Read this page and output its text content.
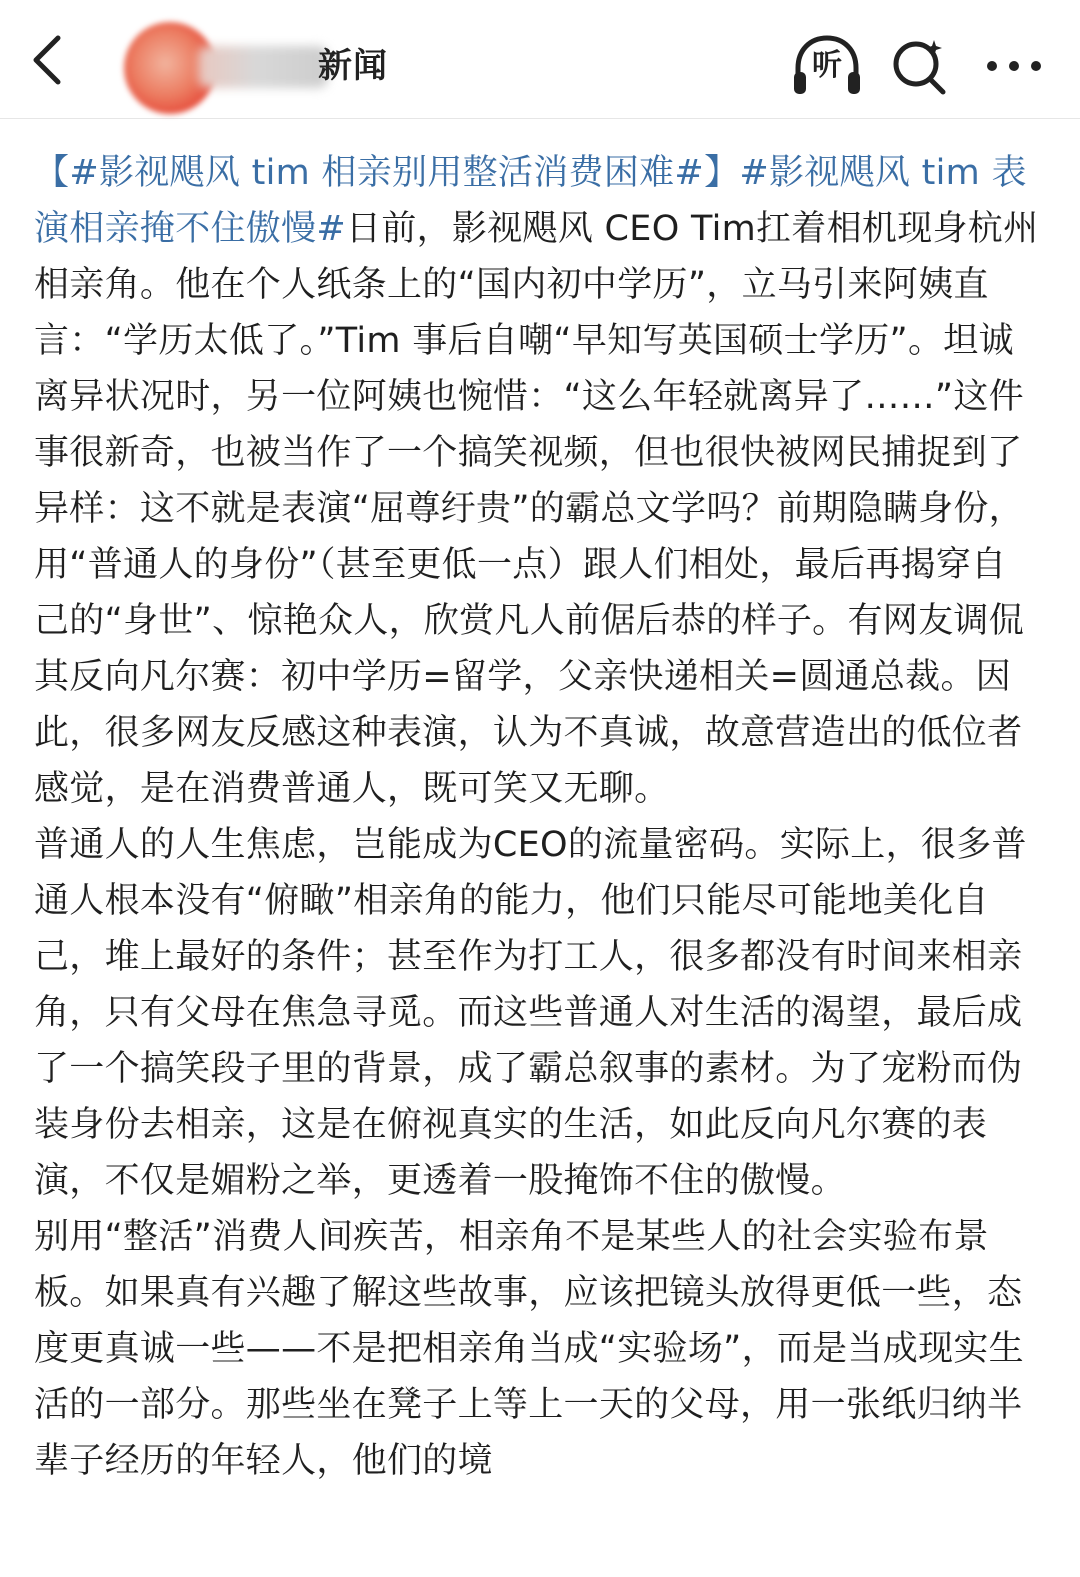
新闻	听

【#影视飓风 tim 相亲别用整活消费困难#】#影视飓风 tim 表演相亲掩不住傲慢#日前，影视飓风 CEO Tim扛着相机现身杭州相亲角。他在个人纸条上的“国内初中学历”，立马引来阿姨直言：“学历太低了。”Tim 事后自嘲“早知写英国硕士学历”。坦诚离异状况时，另一位阿姨也惋惜：“这么年轻就离异了……”这件事很新奇，也被当作了一个搞笑视频，但也很快被网民捕捉到了异样：这不就是表演“屈尊纡贵”的霸总文学吗？前期隐瞒身份，用“普通人的身份”（甚至更低一点）跟人们相处，最后再揭穿自己的“身世”、惊艳众人，欣赏凡人前倨后恭的样子。有网友调侃其反向凡尔赛：初中学历=留学，父亲快递相关=圆通总裁。因此，很多网友反感这种表演，认为不真诚，故意营造出的低位者感觉，是在消费普通人，既可笑又无聊。

普通人的人生焦虑，岂能成为CEO的流量密码。实际上，很多普通人根本没有“俯瞰”相亲角的能力，他们只能尽可能地美化自己，堆上最好的条件；甚至作为打工人，很多都没有时间来相亲角，只有父母在焦急寻觅。而这些普通人对生活的渴望，最后成了一个搞笑段子里的背景，成了霸总叙事的素材。为了宠粉而伪装身份去相亲，这是在俯视真实的生活，如此反向凡尔赛的表演，不仅是媚粉之举，更透着一股掩饰不住的傲慢。

别用“整活”消费人间疾苦，相亲角不是某些人的社会实验布景板。如果真有兴趣了解这些故事，应该把镜头放得更低一些，态度更真诚一些——不是把相亲角当成“实验场”，而是当成现实生活的一部分。那些坐在凳子上等上一天的父母，用一张纸归纳半辈子经历的年轻人，他们的境
